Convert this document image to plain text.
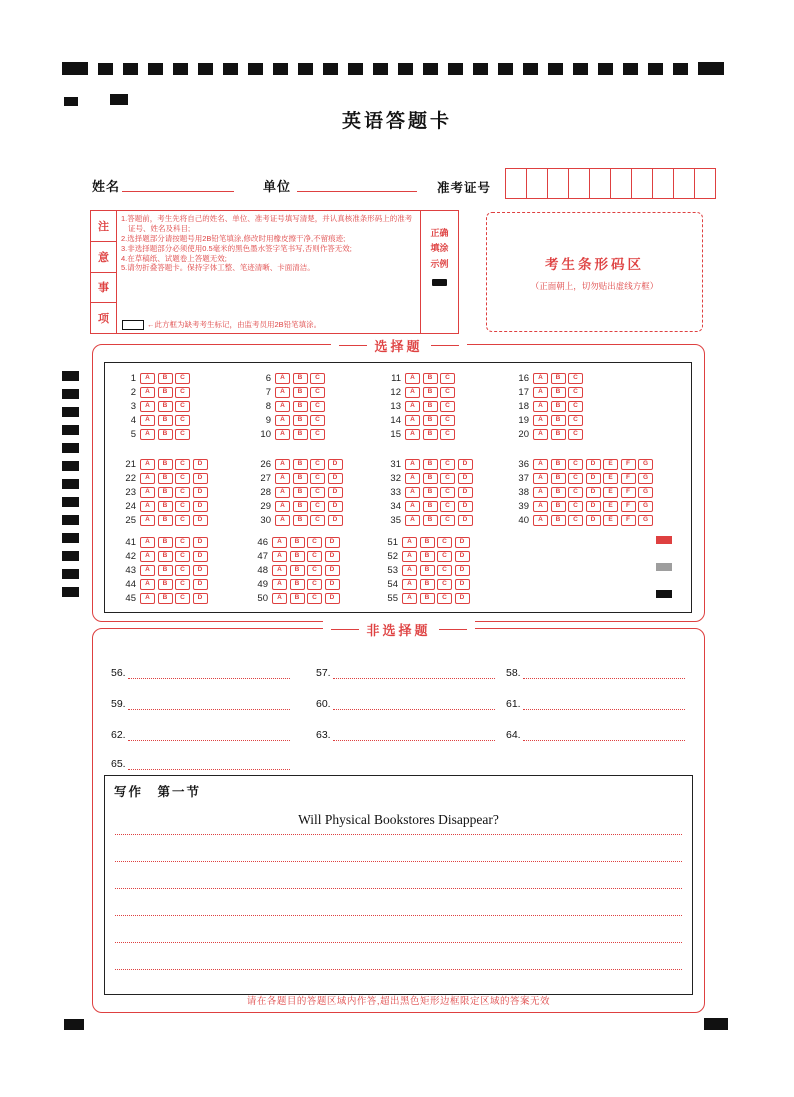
英语答题卡
姓名	单位	准考证号
注
意
事
项
1.答题前，考生先将自己的姓名、单位、准考证号填写清楚，并认真核准条形码上的准考证号、姓名及科目;
2.选择题部分请按题号用2B铅笔填涂,修改时用橡皮擦干净,不留痕迹;
3.非选择题部分必须使用0.5毫米的黑色墨水签字笔书写,否则作答无效;
4.在草稿纸、试题卷上答题无效;
5.请勿折叠答题卡。保持字体工整、笔迹清晰、卡面清洁。
←此方框为缺考考生标记，由监考员用2B铅笔填涂。
正确
填涂
示例	考生条形码区
（正面朝上，切勿贴出虚线方框）
选择题
1	A	B	C
2	A	B	C
3	A	B	C
4	A	B	C
5	A	B	C
6	A	B	C
7	A	B	C
8	A	B	C
9	A	B	C
10	A	B	C
11	A	B	C
12	A	B	C
13	A	B	C
14	A	B	C
15	A	B	C
16	A	B	C
17	A	B	C
18	A	B	C
19	A	B	C
20	A	B	C
21	A	B	C	D
22	A	B	C	D
23	A	B	C	D
24	A	B	C	D
25	A	B	C	D
26	A	B	C	D
27	A	B	C	D
28	A	B	C	D
29	A	B	C	D
30	A	B	C	D
31	A	B	C	D
32	A	B	C	D
33	A	B	C	D
34	A	B	C	D
35	A	B	C	D
36	A	B	C	D	E	F	G
37	A	B	C	D	E	F	G
38	A	B	C	D	E	F	G
39	A	B	C	D	E	F	G
40	A	B	C	D	E	F	G
41	A	B	C	D
42	A	B	C	D
43	A	B	C	D
44	A	B	C	D
45	A	B	C	D
46	A	B	C	D
47	A	B	C	D
48	A	B	C	D
49	A	B	C	D
50	A	B	C	D
51	A	B	C	D
52	A	B	C	D
53	A	B	C	D
54	A	B	C	D
55	A	B	C	D
非选择题
56.	57.	58.
59.	60.	61.
62.	63.	64.
65.
写作　第一节
Will Physical Bookstores Disappear?
请在各题目的答题区域内作答,超出黑色矩形边框限定区域的答案无效
